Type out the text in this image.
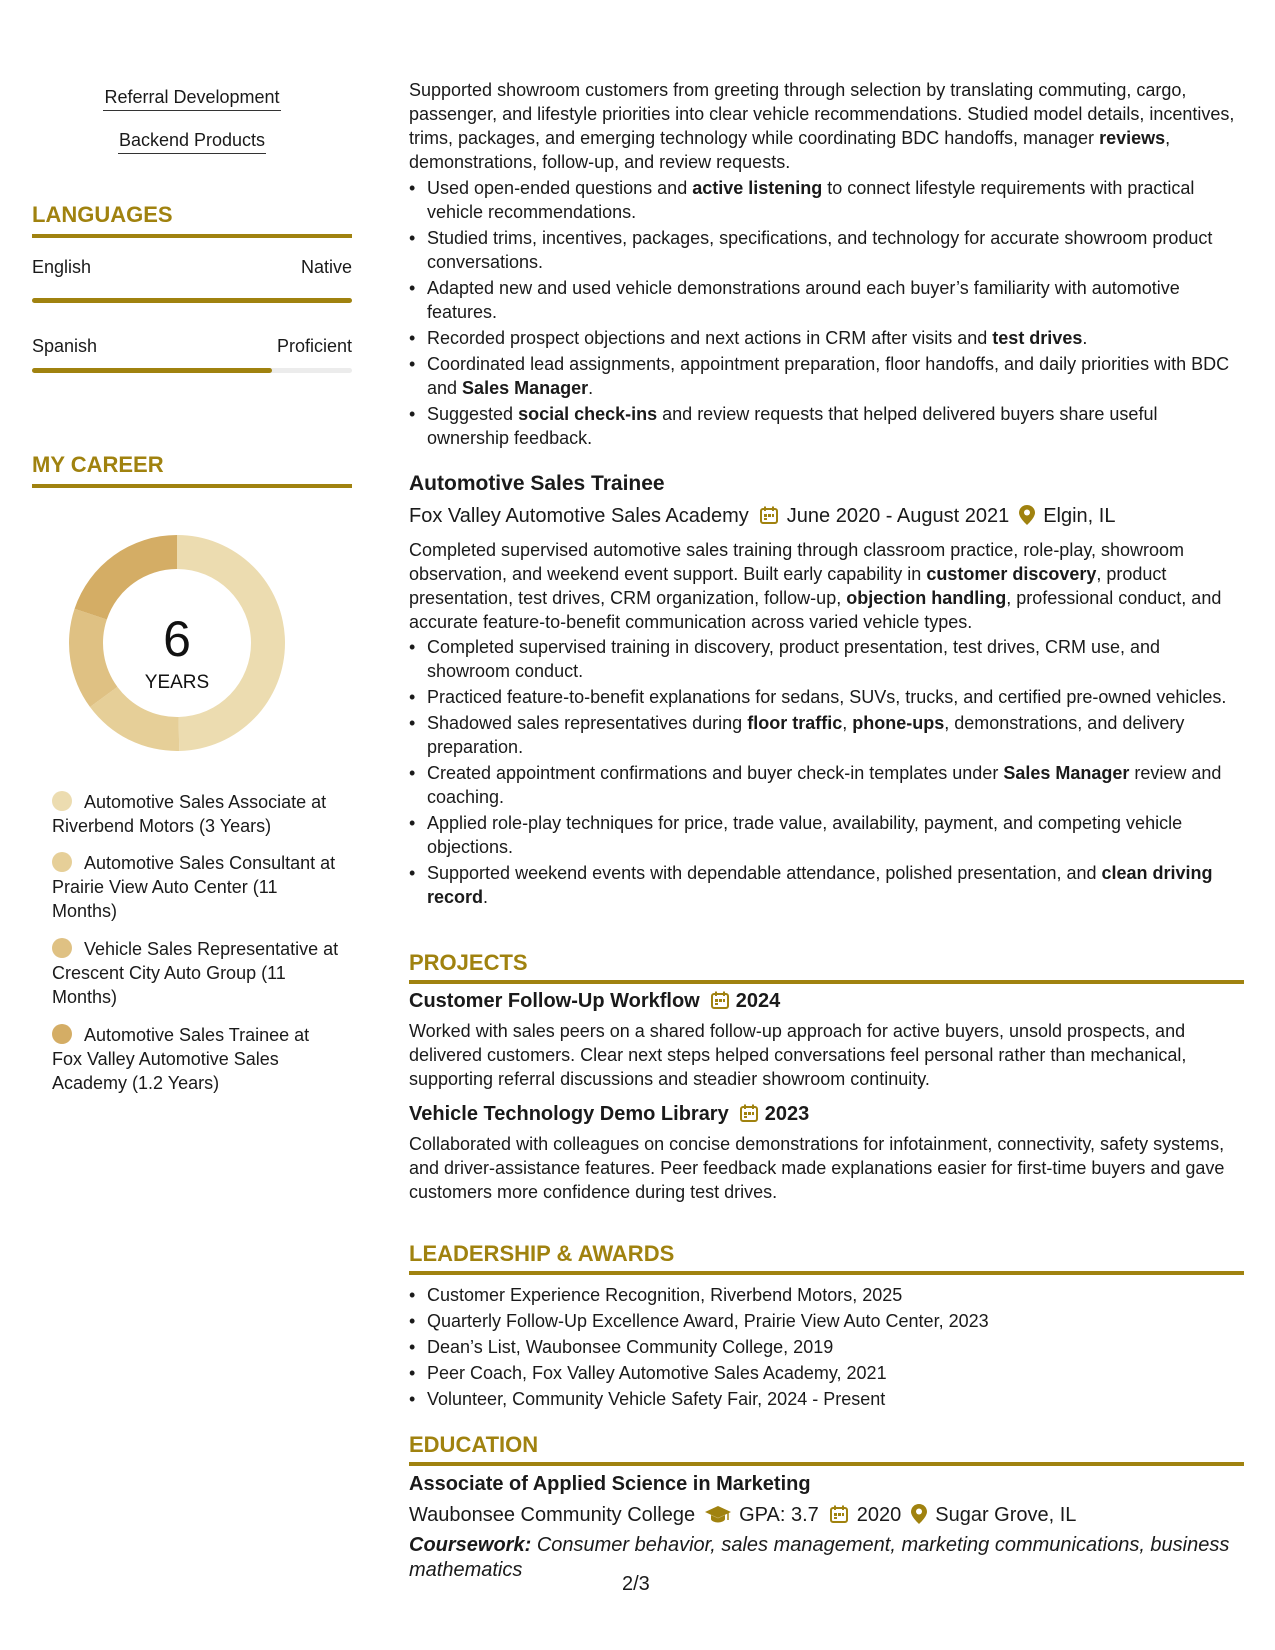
Referral Development
Backend Products
LANGUAGES
English	Native
Spanish	Proficient
MY CAREER
6
YEARS
Automotive Sales Associate at Riverbend Motors (3 Years)
Automotive Sales Consultant at Prairie View Auto Center (11 Months)
Vehicle Sales Representative at Crescent City Auto Group (11 Months)
Automotive Sales Trainee at Fox Valley Automotive Sales Academy (1.2 Years)
Supported showroom customers from greeting through selection by translating commuting, cargo, passenger, and lifestyle priorities into clear vehicle recommendations. Studied model details, incentives, trims, packages, and emerging technology while coordinating BDC handoffs, manager reviews, demonstrations, follow-up, and review requests.
• Used open-ended questions and active listening to connect lifestyle requirements with practical vehicle recommendations.
• Studied trims, incentives, packages, specifications, and technology for accurate showroom product conversations.
• Adapted new and used vehicle demonstrations around each buyer’s familiarity with automotive features.
• Recorded prospect objections and next actions in CRM after visits and test drives.
• Coordinated lead assignments, appointment preparation, floor handoffs, and daily priorities with BDC and Sales Manager.
• Suggested social check-ins and review requests that helped delivered buyers share useful ownership feedback.
Automotive Sales Trainee
Fox Valley Automotive Sales Academy June 2020 - August 2021 Elgin, IL
Completed supervised automotive sales training through classroom practice, role-play, showroom observation, and weekend event support. Built early capability in customer discovery, product presentation, test drives, CRM organization, follow-up, objection handling, professional conduct, and accurate feature-to-benefit communication across varied vehicle types.
• Completed supervised training in discovery, product presentation, test drives, CRM use, and showroom conduct.
• Practiced feature-to-benefit explanations for sedans, SUVs, trucks, and certified pre-owned vehicles.
• Shadowed sales representatives during floor traffic, phone-ups, demonstrations, and delivery preparation.
• Created appointment confirmations and buyer check-in templates under Sales Manager review and coaching.
• Applied role-play techniques for price, trade value, availability, payment, and competing vehicle objections.
• Supported weekend events with dependable attendance, polished presentation, and clean driving record.
PROJECTS
Customer Follow-Up Workflow 2024
Worked with sales peers on a shared follow-up approach for active buyers, unsold prospects, and delivered customers. Clear next steps helped conversations feel personal rather than mechanical, supporting referral discussions and steadier showroom continuity.
Vehicle Technology Demo Library 2023
Collaborated with colleagues on concise demonstrations for infotainment, connectivity, safety systems, and driver-assistance features. Peer feedback made explanations easier for first-time buyers and gave customers more confidence during test drives.
LEADERSHIP & AWARDS
• Customer Experience Recognition, Riverbend Motors, 2025
• Quarterly Follow-Up Excellence Award, Prairie View Auto Center, 2023
• Dean’s List, Waubonsee Community College, 2019
• Peer Coach, Fox Valley Automotive Sales Academy, 2021
• Volunteer, Community Vehicle Safety Fair, 2024 - Present
EDUCATION
Associate of Applied Science in Marketing
Waubonsee Community College GPA: 3.7 2020 Sugar Grove, IL
Coursework: Consumer behavior, sales management, marketing communications, business mathematics
2/3
